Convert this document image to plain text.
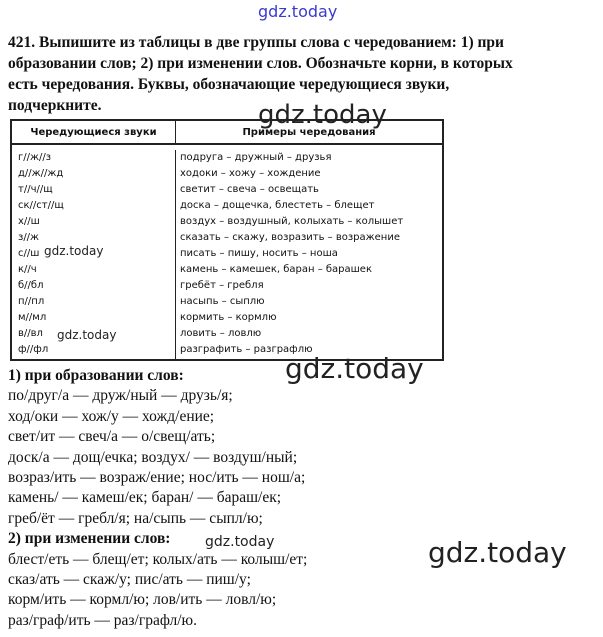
gdz.today

421. Выпишите из таблицы в две группы слова с чередованием: 1) при

образовании слов; 2) при изменении слов. Обозначьте корни, в которых

есть чередования. Буквы, обозначающие чередующиеся звуки,

подчеркните.

Чередующиеся звуки	Примеры чередования
г//ж//з
д//ж//жд
т//ч//щ
ск//ст//щ
х//ш
з//ж
с//ш
к//ч
б//бл
п//пл
м//мл
в//вл
ф//фл
подруга – дружный – друзья
ходоки – хожу – хождение
светит – свеча – освещать
доска – дощечка, блестеть – блещет
воздух – воздушный, колыхать – колышет
сказать – скажу, возразить – возражение
писать – пишу, носить – ноша
камень – камешек, баран – барашек
гребёт – гребля
насыпь – сыплю
кормить – кормлю
ловить – ловлю
разграфить – разграфлю
gdz.today
gdz.today
gdz.today
1) при образовании слов:
по/друг/а — друж/ный — друзь/я;
ход/оки — хож/у — хожд/ение;
свет/ит — свеч/а — о/свещ/ать;
доск/а — дощ/ечка; воздух/ — воздуш/ный;
возраз/ить — возраж/ение; нос/ить — нош/а;
камень/ — камеш/ек; баран/ — бараш/ек;
греб/ёт — гребл/я; на/сыпь — сыпл/ю;
2) при изменении слов:
блест/еть — блещ/ет; колых/ать — колыш/ет;
сказ/ать — скаж/у; пис/ать — пиш/у;
корм/ить — кормл/ю; лов/ить — ловл/ю;
раз/граф/ить — раз/графл/ю.
gdz.today
gdz.today	gdz.today
